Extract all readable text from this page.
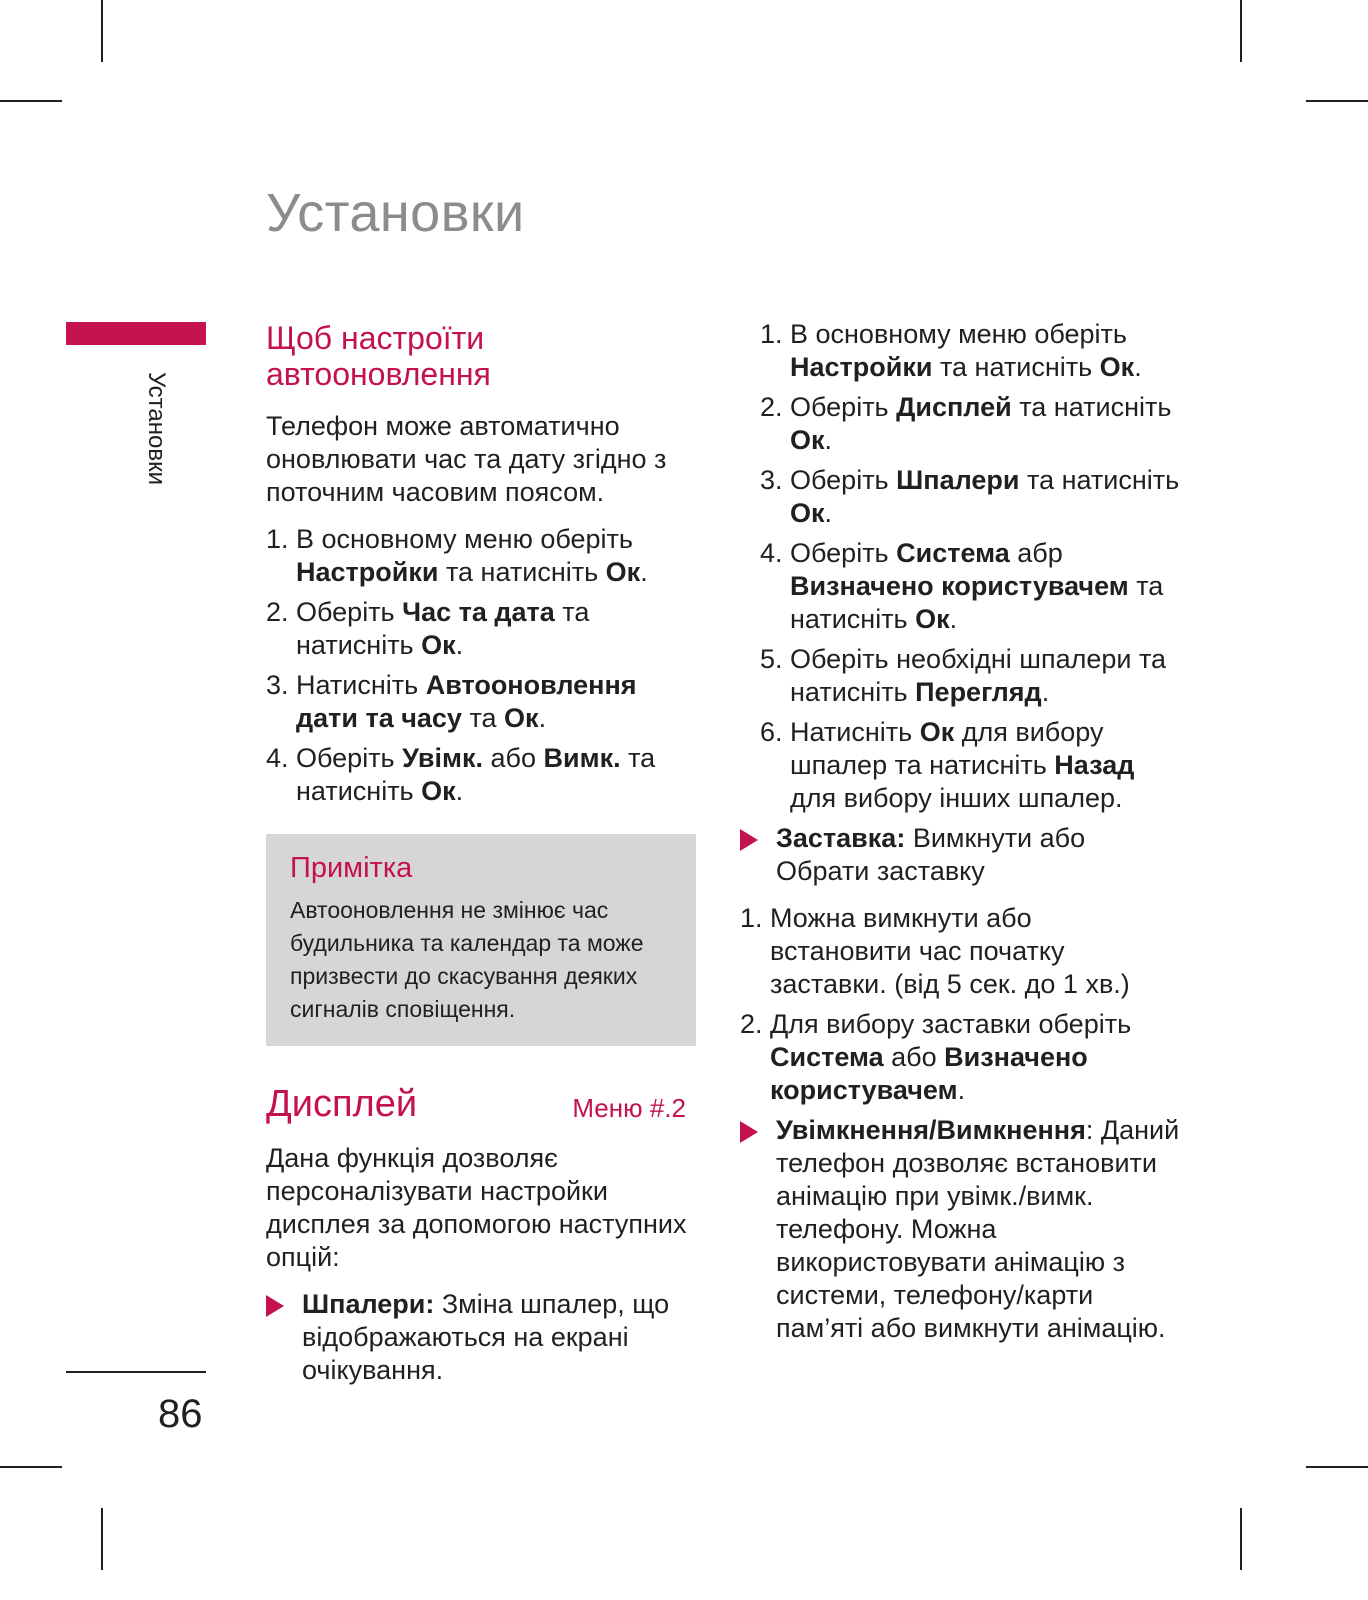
Установки
Установки
86
Щоб настроїти автооновлення

Телефон може автоматично оновлювати час та дату згідно з поточним часовим поясом.

1. В основному меню оберіть Настройки та натисніть Ок.
2. Оберіть Час та дата та натисніть Ок.
3. Натисніть Автооновлення дати та часу та Ок.
4. Оберіть Увімк. або Вимк. та натисніть Ок.
Примітка
Автооновлення не змінює час будильника та календар та може призвести до скасування деяких сигналів сповіщення.
Дисплей	Меню #.2

Дана функція дозволяє персоналізувати настройки дисплея за допомогою наступних опцій:

Шпалери: Зміна шпалер, що відображаються на екрані очікування.
1. В основному меню оберіть Настройки та натисніть Ок.
2. Оберіть Дисплей та натисніть Ок.
3. Оберіть Шпалери та натисніть Ок.
4. Оберіть Система абр Визначено користувачем та натисніть Ок.
5. Оберіть необхідні шпалери та натисніть Перегляд.
6. Натисніть Ок для вибору шпалер та натисніть Назад для вибору інших шпалер.
Заставка: Вимкнути або Обрати заставку
1. Можна вимкнути або встановити час початку заставки. (від 5 сек. до 1 хв.)
2. Для вибору заставки оберіть Система або Визначено користувачем.
Увімкнення/Вимкнення: Даний телефон дозволяє встановити анімацію при увімк./вимк. телефону. Можна використовувати анімацію з системи, телефону/карти пам’яті або вимкнути анімацію.
